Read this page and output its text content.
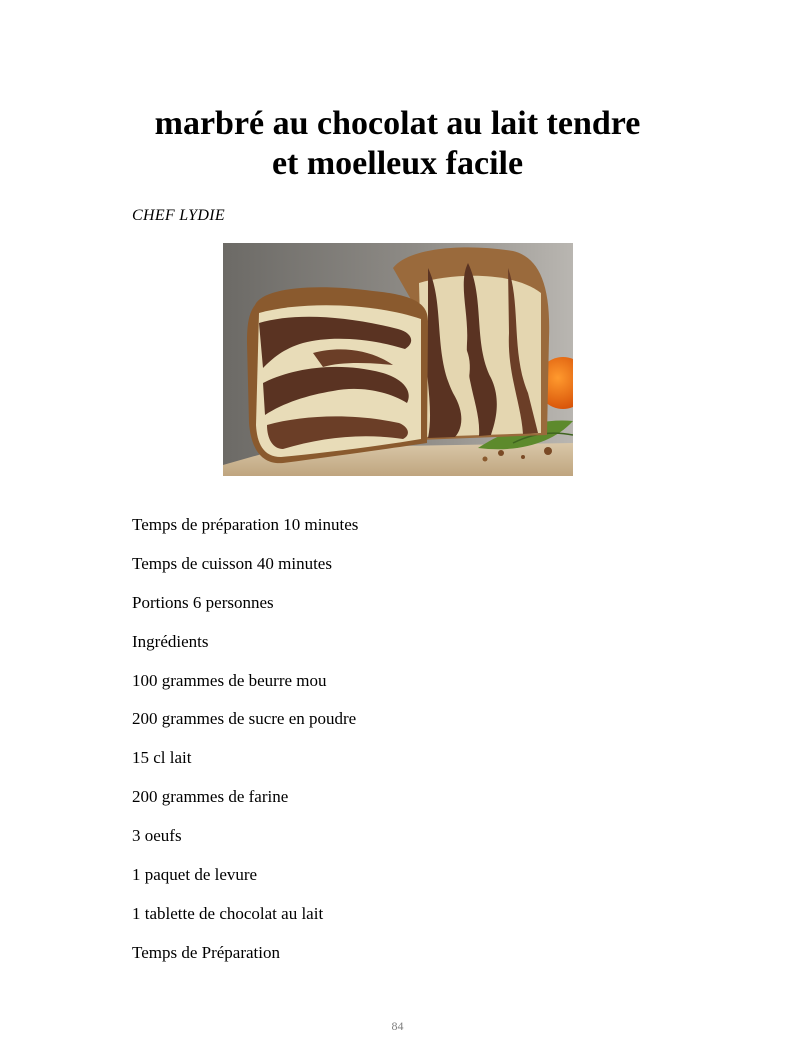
marbré au chocolat au lait tendre
et moelleux facile

CHEF LYDIE

Temps de préparation 10 minutes
Temps de cuisson 40 minutes
Portions 6 personnes
Ingrédients
100 grammes de beurre mou
200 grammes de sucre en poudre
15 cl lait
200 grammes de farine
3 oeufs
1 paquet de levure
1 tablette de chocolat au lait
Temps de Préparation
84
